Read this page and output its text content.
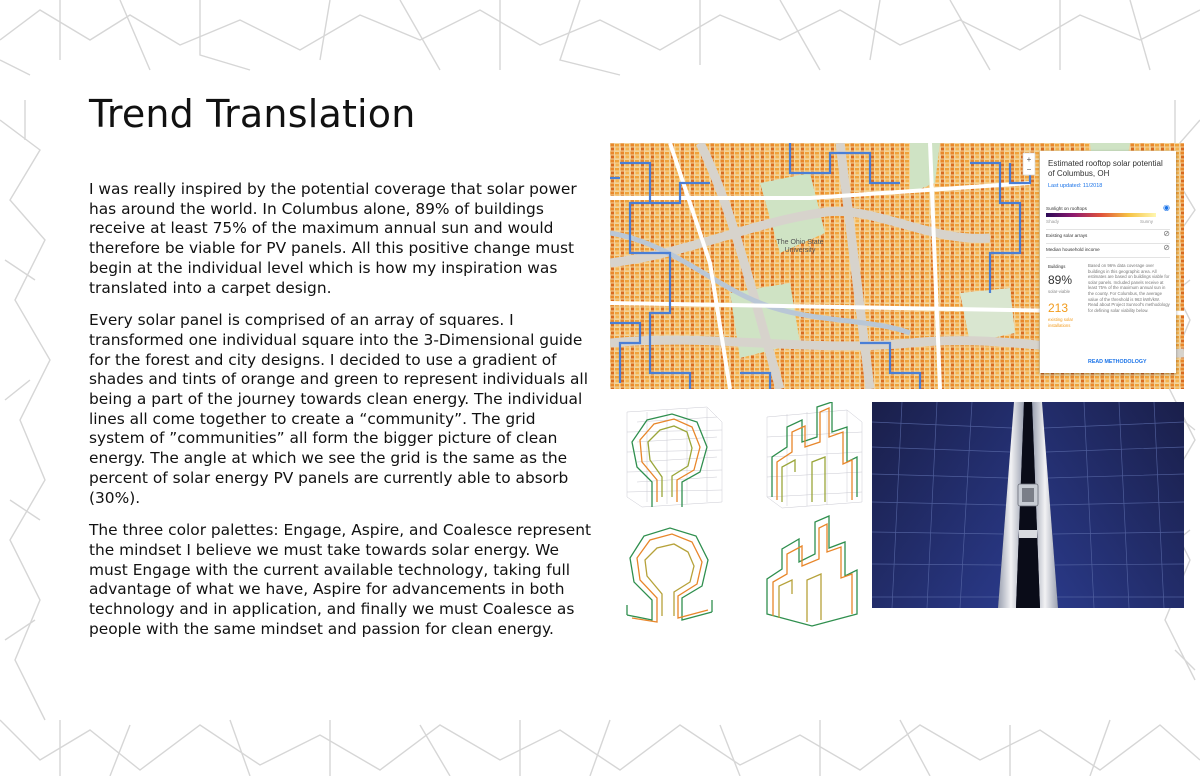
Trend Translation

I was really inspired by the potential coverage that solar power has around the world. In Columbus alone, 89% of buildings receive at least 75% of the maximum annual sun and would therefore be viable for PV panels. All this positive change must begin at the individual level which is how my inspiration was translated into a carpet design.

Every solar panel is comprised of an array of squares. I transformed one individual square into the 3-Dimensional guide for the forest and city designs. I decided to use a gradient of shades and tints of orange and green to represent individuals all being a part of the journey towards clean energy. The individual lines all come together to create a “community”. The grid system of ”communities” all form the bigger picture of clean energy. The angle at which we see the grid is the same as the percent of solar energy PV panels are currently able to absorb (30%).

The three color palettes: Engage, Aspire, and Coalesce represent the mindset I believe we must take towards solar energy. We must Engage with the current available technology, taking full advantage of what we have, Aspire for advancements in both technology and in application, and finally we must Coalesce as people with the same mindset and passion for clean energy.

+
−
The Ohio State University
Estimated rooftop solar potential of Columbus, OH
Last updated: 11/2018
Sunlight on rooftops	◉
Shady	Sunny
Existing solar arrays	⊘
Median household income	⊘
Buildings
89%
solar-viable
213
existing solar installations
Based on 96% data coverage over buildings in this geographic area. All estimates are based on buildings viable for solar panels. Included panels receive at least 75% of the maximum annual sun in the county. For Columbus, the average value of the threshold is 963 kWh/kW. Read about Project Sunroof's methodology for defining solar viability below.
READ METHODOLOGY
